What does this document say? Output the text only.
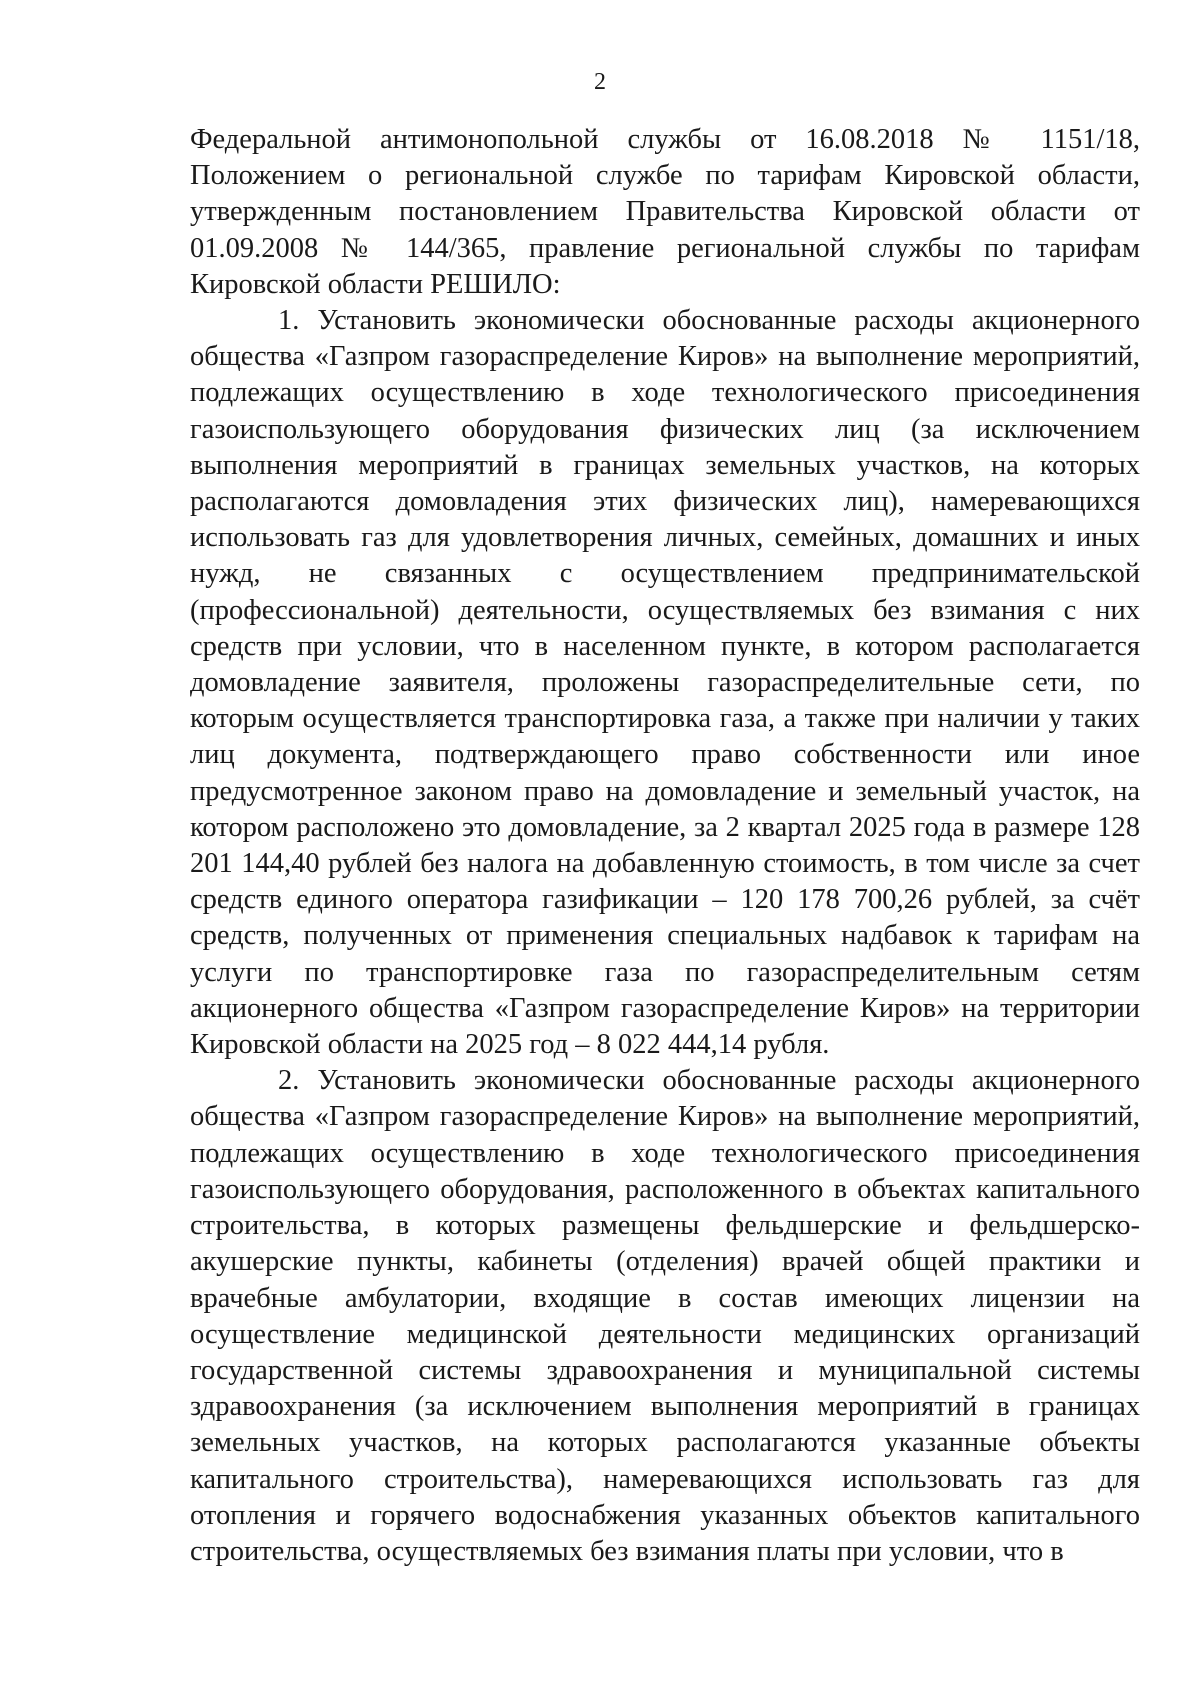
2

Федеральной антимонопольной службы от 16.08.2018 № 1151/18, Положением о региональной службе по тарифам Кировской области, утвержденным постановлением Правительства Кировской области от 01.09.2008 № 144/365, правление региональной службы по тарифам Кировской области РЕШИЛО:

1. Установить экономически обоснованные расходы акционерного общества «Газпром газораспределение Киров» на выполнение мероприятий, подлежащих осуществлению в ходе технологического присоединения газоиспользующего оборудования физических лиц (за исключением выполнения мероприятий в границах земельных участков, на которых располагаются домовладения этих физических лиц), намеревающихся использовать газ для удовлетворения личных, семейных, домашних и иных нужд, не связанных с осуществлением предпринимательской (профессиональной) деятельности, осуществляемых без взимания с них средств при условии, что в населенном пункте, в котором располагается домовладение заявителя, проложены газораспределительные сети, по которым осуществляется транспортировка газа, а также при наличии у таких лиц документа, подтверждающего право собственности или иное предусмотренное законом право на домовладение и земельный участок, на котором расположено это домовладение, за 2 квартал 2025 года в размере 128 201 144,40 рублей без налога на добавленную стоимость, в том числе за счет средств единого оператора газификации – 120 178 700,26 рублей, за счёт средств, полученных от применения специальных надбавок к тарифам на услуги по транспортировке газа по газораспределительным сетям акционерного общества «Газпром газораспределение Киров» на территории Кировской области на 2025 год – 8 022 444,14 рубля.

2. Установить экономически обоснованные расходы акционерного общества «Газпром газораспределение Киров» на выполнение мероприятий, подлежащих осуществлению в ходе технологического присоединения газоиспользующего оборудования, расположенного в объектах капитального строительства, в которых размещены фельдшерские и фельдшерско-акушерские пункты, кабинеты (отделения) врачей общей практики и врачебные амбулатории, входящие в состав имеющих лицензии на осуществление медицинской деятельности медицинских организаций государственной системы здравоохранения и муниципальной системы здравоохранения (за исключением выполнения мероприятий в границах земельных участков, на которых располагаются указанные объекты капитального строительства), намеревающихся использовать газ для отопления и горячего водоснабжения указанных объектов капитального строительства, осуществляемых без взимания платы при условии, что в
